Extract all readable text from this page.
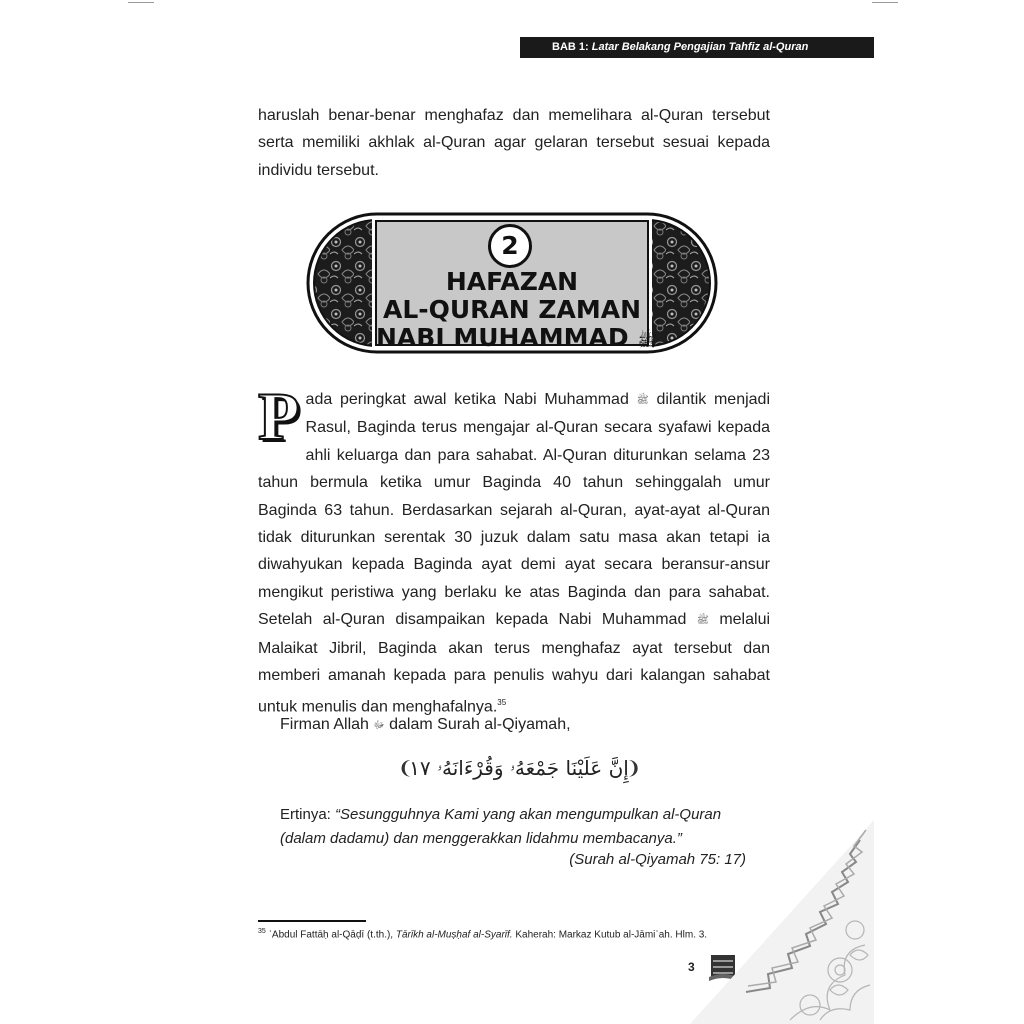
BAB 1: Latar Belakang Pengajian Tahfiz al-Quran

haruslah benar-benar menghafaz dan memelihara al-Quran tersebut serta memiliki akhlak al-Quran agar gelaran tersebut sesuai kepada individu tersebut.

2
HAFAZAN
AL-QURAN ZAMAN
NABI MUHAMMAD ﷺ

Pada peringkat awal ketika Nabi Muhammad ﷺ dilantik menjadi Rasul, Baginda terus mengajar al-Quran secara syafawi kepada ahli keluarga dan para sahabat. Al-Quran diturunkan selama 23 tahun bermula ketika umur Baginda 40 tahun sehinggalah umur Baginda 63 tahun. Berdasarkan sejarah al-Quran, ayat-ayat al-Quran tidak diturunkan serentak 30 juzuk dalam satu masa akan tetapi ia diwahyukan kepada Baginda ayat demi ayat secara beransur-ansur mengikut peristiwa yang berlaku ke atas Baginda dan para sahabat. Setelah al-Quran disampaikan kepada Nabi Muhammad ﷺ melalui Malaikat Jibril, Baginda akan terus menghafaz ayat tersebut dan memberi amanah kepada para penulis wahyu dari kalangan sahabat untuk menulis dan menghafalnya.$^{35}$

Firman Allah ﷻ dalam Surah al-Qiyamah,
❨
إِنَّ عَلَيْنَا جَمْعَهُۥ وَقُرْءَانَهُۥ ١٧
❩
Ertinya: “Sesungguhnya Kami yang akan mengumpulkan al-Quran (dalam dadamu) dan menggerakkan lidahmu membacanya.”
(Surah al-Qiyamah 75: 17)
$^{35}$ ʿAbdul Fattāḥ al-Qāḍī (t.th.), Tārīkh al-Muṣḥaf al-Syarīf. Kaherah: Markaz Kutub al-Jāmiʿah. Hlm. 3.
3
